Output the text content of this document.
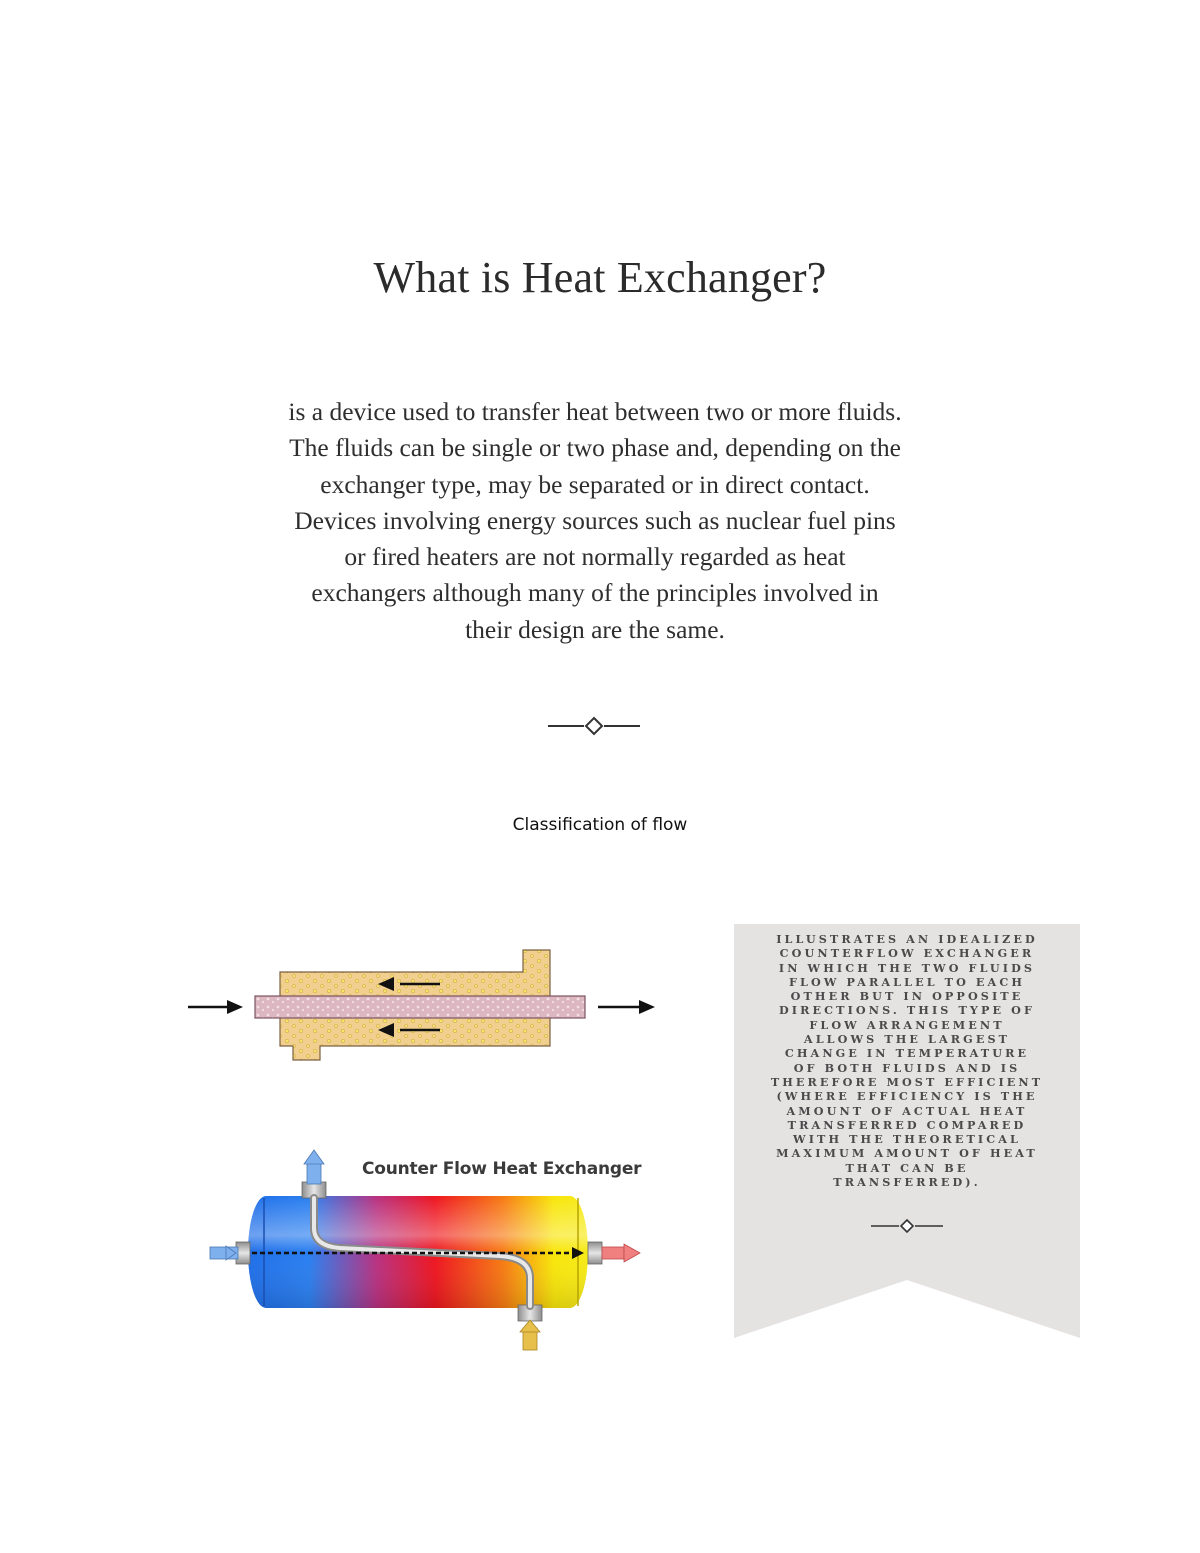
What is Heat Exchanger?

is a device used to transfer heat between two or more fluids.
The fluids can be single or two phase and, depending on the
exchanger type, may be separated or in direct contact.
Devices involving energy sources such as nuclear fuel pins
or fired heaters are not normally regarded as heat
exchangers although many of the principles involved in
their design are the same.

Classification of flow
Counter Flow Heat Exchanger
ILLUSTRATES AN IDEALIZED COUNTERFLOW EXCHANGER IN WHICH THE TWO FLUIDS FLOW PARALLEL TO EACH OTHER BUT IN OPPOSITE DIRECTIONS. THIS TYPE OF FLOW ARRANGEMENT ALLOWS THE LARGEST CHANGE IN TEMPERATURE OF BOTH FLUIDS AND IS THEREFORE MOST EFFICIENT (WHERE EFFICIENCY IS THE AMOUNT OF ACTUAL HEAT TRANSFERRED COMPARED WITH THE THEORETICAL MAXIMUM AMOUNT OF HEAT THAT CAN BE TRANSFERRED).
